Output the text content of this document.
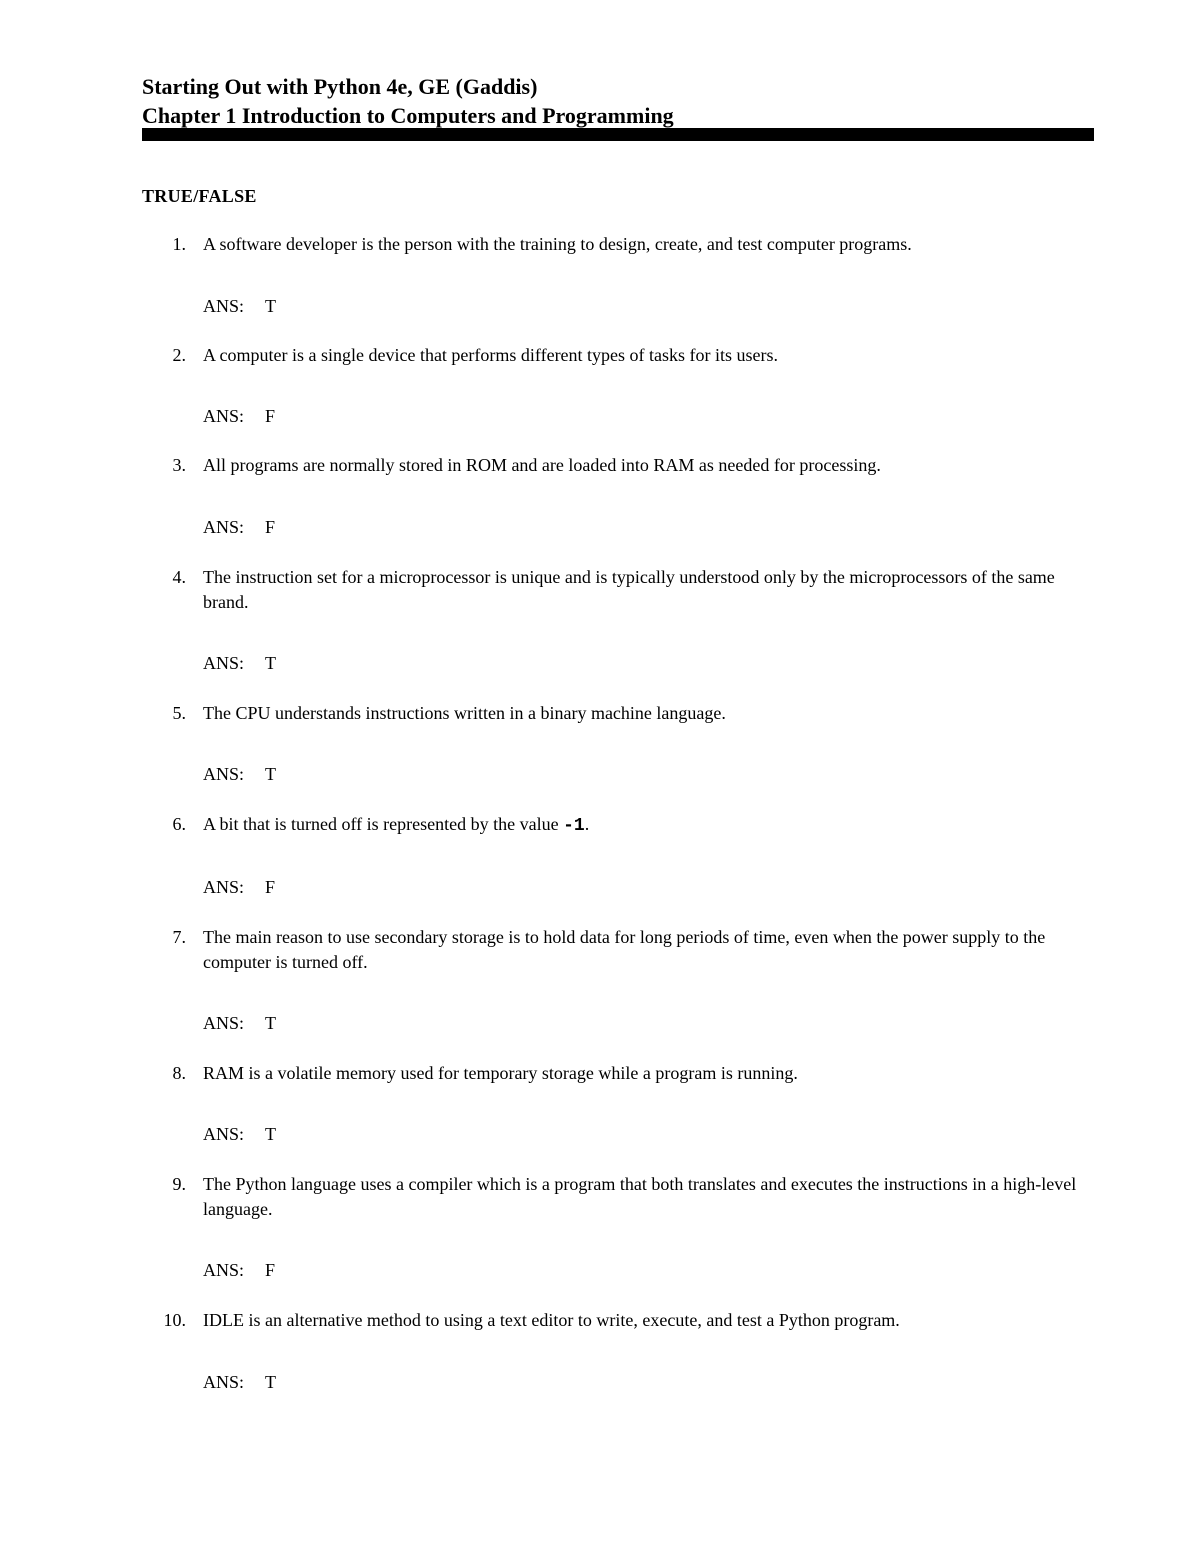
Starting Out with Python 4e, GE (Gaddis)
Chapter 1 Introduction to Computers and Programming
TRUE/FALSE
1. A software developer is the person with the training to design, create, and test computer programs.
ANS: T
2. A computer is a single device that performs different types of tasks for its users.
ANS: F
3. All programs are normally stored in ROM and are loaded into RAM as needed for processing.
ANS: F
4. The instruction set for a microprocessor is unique and is typically understood only by the microprocessors of the same brand.
ANS: T
5. The CPU understands instructions written in a binary machine language.
ANS: T
6. A bit that is turned off is represented by the value -1.
ANS: F
7. The main reason to use secondary storage is to hold data for long periods of time, even when the power supply to the computer is turned off.
ANS: T
8. RAM is a volatile memory used for temporary storage while a program is running.
ANS: T
9. The Python language uses a compiler which is a program that both translates and executes the instructions in a high-level language.
ANS: F
10. IDLE is an alternative method to using a text editor to write, execute, and test a Python program.
ANS: T
